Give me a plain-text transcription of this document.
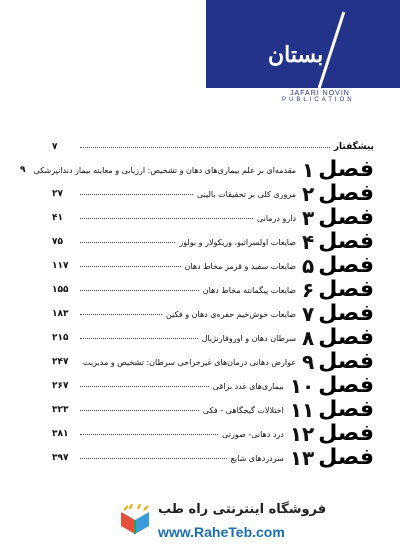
بستان
JAFARI NOVIN
PUBLICATION
پیشگفتار
۷
فصل
۱
مقدمه‌ای بر علم بیماری‌های دهان و تشخیص: ارزیابی و معاینه بیمار دندانپزشکی
۹
فصل
۲
مروری کلی بر تحقیقات بالینی
۲۷
فصل
۳
دارو درمانی
۴۱
فصل
۴
ضایعات اولسراتیو، وزیکولار و بولوز
۷۵
فصل
۵
ضایعات سفید و قرمز مخاط دهان
۱۱۷
فصل
۶
ضایعات پیگمانته مخاط دهان
۱۵۵
فصل
۷
ضایعات خوش‌خیم حفره‌ی دهان و فکین
۱۸۳
فصل
۸
سرطان دهان و اوروفارنژیال
۲۱۵
فصل
۹
عوارض دهانی درمان‌های غیرجراحی سرطان: تشخیص و مدیریت
۲۴۷
فصل
۱۰
بیماری‌های غدد بزاقی
۲۶۷
فصل
۱۱
اختلالات گیجگاهی - فکی
۳۲۳
فصل
۱۲
درد دهانی- صورتی
۳۸۱
فصل
۱۳
سردردهای شایع
۳۹۷
فروشگاه اینترنتی راه طب
www.RaheTeb.com
